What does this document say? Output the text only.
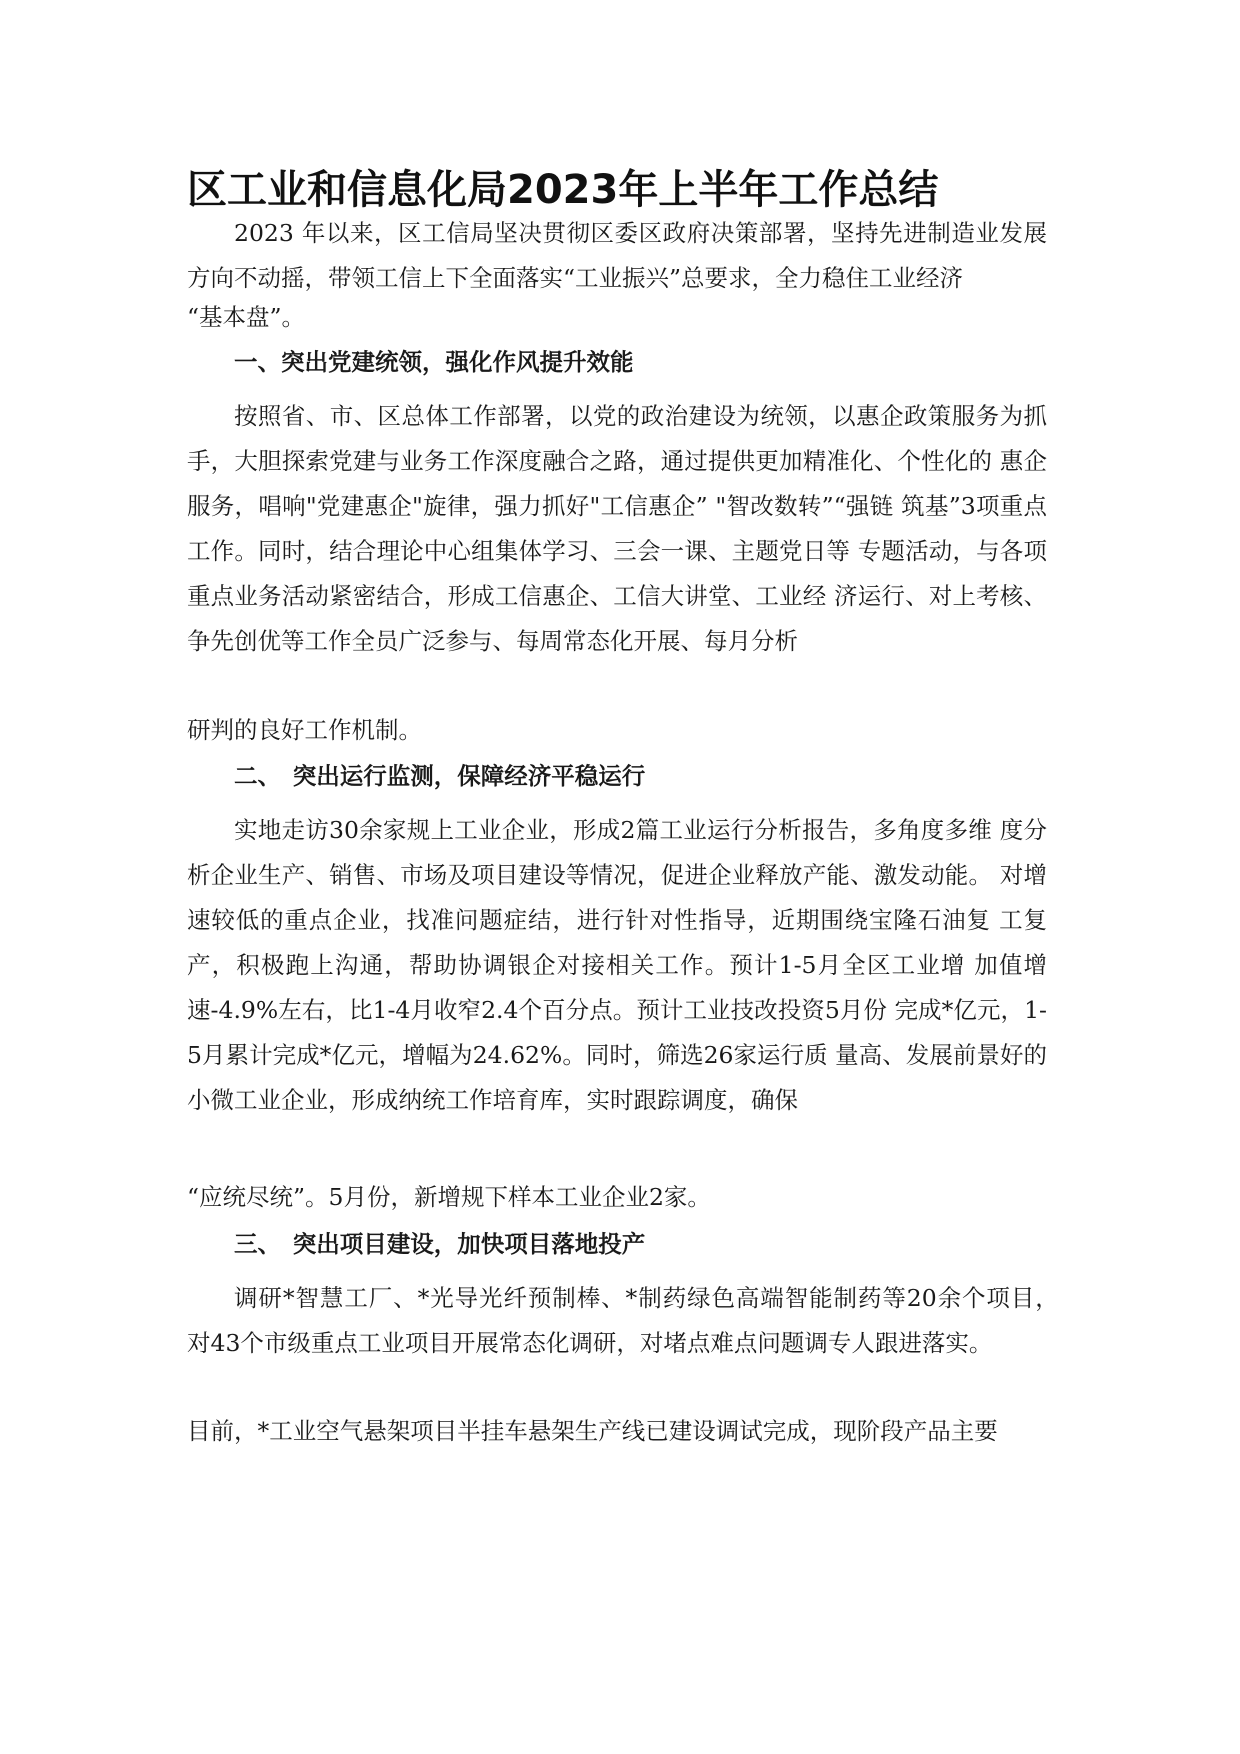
区工业和信息化局2023年上半年工作总结

2023 年以来，区工信局坚决贯彻区委区政府决策部署，坚持先进制造业发展方向不动摇，带领工信上下全面落实“工业振兴”总要求，全力稳住工业经济

“基本盘”。

一、突出党建统领，强化作风提升效能

按照省、市、区总体工作部署，以党的政治建设为统领，以惠企政策服务为抓手，大胆探索党建与业务工作深度融合之路，通过提供更加精准化、个性化的 惠企服务，唱响"党建惠企"旋律，强力抓好"工信惠企” "智改数转”“强链 筑基”3项重点工作。同时，结合理论中心组集体学习、三会一课、主题党日等 专题活动，与各项重点业务活动紧密结合，形成工信惠企、工信大讲堂、工业经 济运行、对上考核、争先创优等工作全员广泛参与、每周常态化开展、每月分析

研判的良好工作机制。

二、　突出运行监测，保障经济平稳运行

实地走访30余家规上工业企业，形成2篇工业运行分析报告，多角度多维 度分析企业生产、销售、市场及项目建设等情况，促进企业释放产能、激发动能。 对增速较低的重点企业，找准问题症结，进行针对性指导，近期围绕宝隆石油复 工复产，积极跑上沟通，帮助协调银企对接相关工作。预计1-5月全区工业增 加值增速-4.9%左右，比1-4月收窄2.4个百分点。预计工业技改投资5月份 完成*亿元，1-5月累计完成*亿元，增幅为24.62%。同时，筛选26家运行质 量高、发展前景好的小微工业企业，形成纳统工作培育库，实时跟踪调度，确保

“应统尽统”。5月份，新增规下样本工业企业2家。

三、　突出项目建设，加快项目落地投产

调研*智慧工厂、*光导光纤预制棒、*制药绿色高端智能制药等20余个项目，　对43个市级重点工业项目开展常态化调研，对堵点难点问题调专人跟进落实。

目前，*工业空气悬架项目半挂车悬架生产线已建设调试完成，现阶段产品主要
